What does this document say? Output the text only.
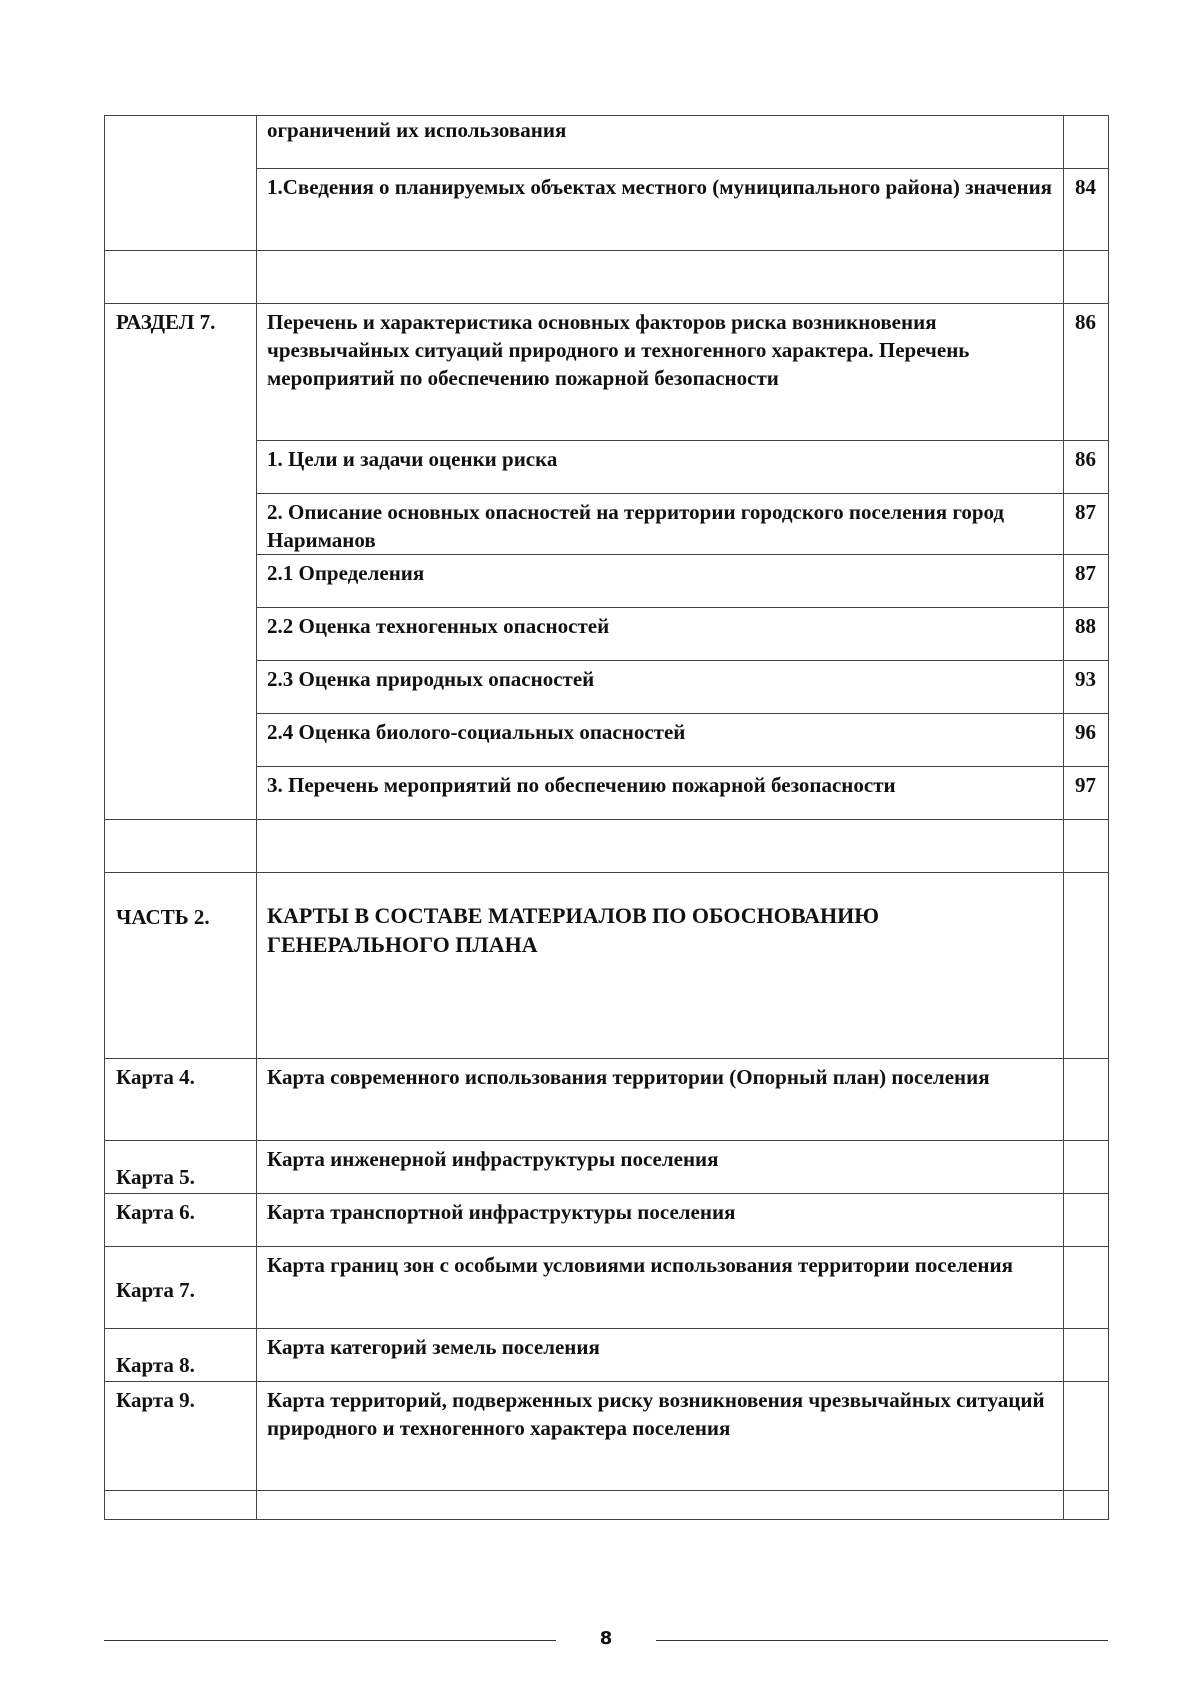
	ограничений их использования	
	1.Сведения о планируемых объектах местного (муниципального района) значения	84

РАЗДЕЛ 7.	Перечень и характеристика основных факторов риска возникновения чрезвычайных ситуаций природного и техногенного характера. Перечень мероприятий по обеспечению пожарной безопасности	86
	1. Цели и задачи оценки риска	86
	2. Описание основных опасностей на территории городского поселения город Нариманов	87
	2.1 Определения	87
	2.2 Оценка техногенных опасностей	88
	2.3 Оценка природных опасностей	93
	2.4 Оценка биолого-социальных опасностей	96
	3. Перечень мероприятий по обеспечению пожарной безопасности	97

ЧАСТЬ 2.	КАРТЫ В СОСТАВЕ МАТЕРИАЛОВ ПО ОБОСНОВАНИЮ ГЕНЕРАЛЬНОГО ПЛАНА	

Карта 4.	Карта современного использования территории (Опорный план) поселения	
Карта 5.	Карта инженерной инфраструктуры поселения	
Карта 6.	Карта транспортной инфраструктуры поселения	
Карта 7.	Карта границ зон с особыми условиями использования территории поселения	
Карта 8.	Карта категорий земель поселения	
Карта 9.	Карта территорий, подверженных риску возникновения чрезвычайных ситуаций природного и техногенного характера поселения	

8
